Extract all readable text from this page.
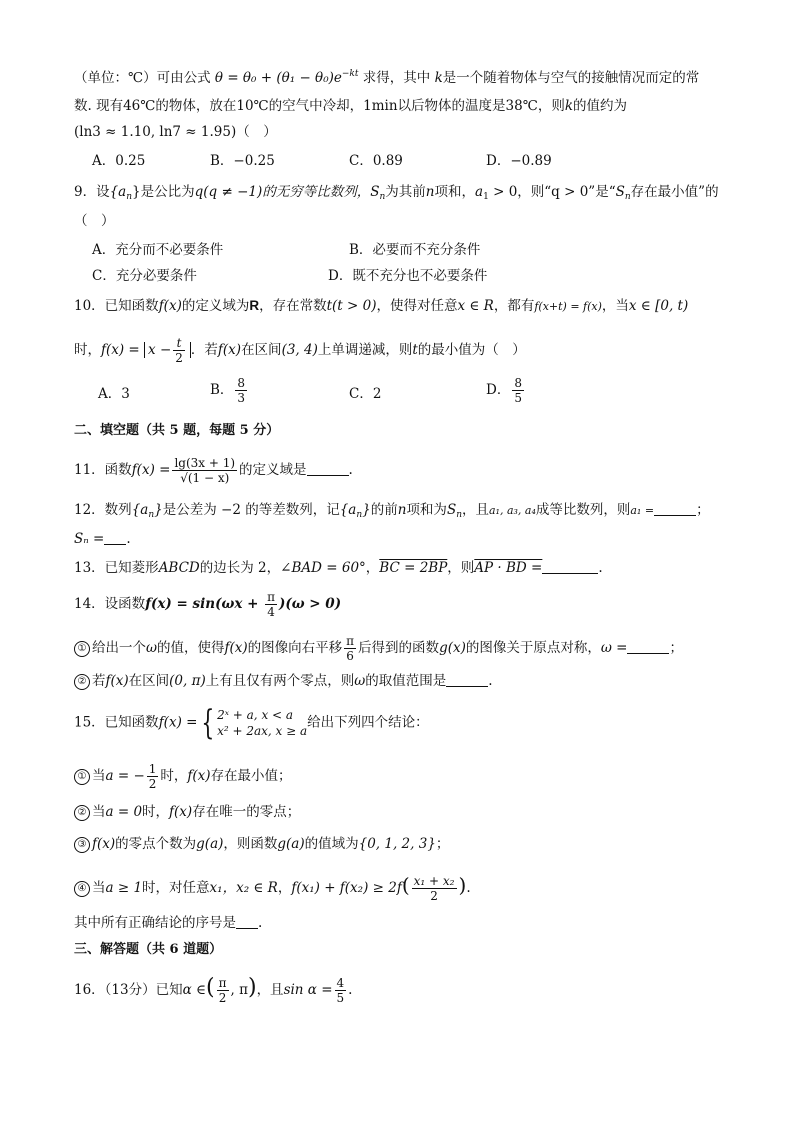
（单位：℃）可由公式 $\theta = \theta_0 + (\theta_1 - \theta_0)e^{-kt}$ 求得，其中 k是一个随着物体与空气的接触情况而定的常
数. 现有46℃的物体，放在10℃的空气中冷却，1min以后物体的温度是38℃，则k的值约为
(ln3 ≈ 1.10, ln7 ≈ 1.95)（　）
A．0.25	B．−0.25	C．0.89	D．−0.89
9．设$\{a_n\}$是公比为q(q ≠ −1)的无穷等比数列，$S_n$为其前n项和，$a_1 > 0$，则“q > 0”是“$S_n$存在最小值”的
（　）
A．充分而不必要条件	B．必要而不充分条件
C．充分必要条件	D．既不充分也不必要条件
10．已知函数f(x)的定义域为R，存在常数t(t > 0)，使得对任意x ∈ R，都有f(x+t) = f(x)，当x ∈ [0, t)
时，$f(x) = x - \frac{t}{2}$ ．若f(x)在区间(3, 4)上单调递减，则t的最小值为（　）
A．3	B． $\frac{8}{3}$	C．2	D． $\frac{8}{5}$
二、填空题（共 5 题，每题 5 分）
11．函数$f(x) = \frac{\lg(3x + 1)}{√(1 - x)}$ 的定义域是	.
12．数列$\{a_n\}$是公差为 −2 的等差数列，记$\{a_n\}$的前n项和为$S_n$，且a₁, a₃, a₄成等比数列，则a₁ =	；
Sₙ = .
13．已知菱形ABCD的边长为 2，∠BAD = 60°，BC = 2BP，则AP · BD =	.
14．设函数$f(x) = \sin(\omega x + \frac{\pi}{4} )(\omega > 0)$
① 给出一个ω的值，使得f(x)的图像向右平移 $\frac{\pi}{6}$ 后得到的函数g(x)的图像关于原点对称，ω =	；
② 若f(x)在区间(0, π)上有且仅有两个零点，则ω的取值范围是	.
15．已知函数f(x) = { 2ˣ + a, x < a
x² + 2ax, x ≥ a
给出下列四个结论：
① 当a = − $\frac{1}{2}$ 时，f(x)存在最小值；
② 当a = 0时，f(x)存在唯一的零点；
③ f(x)的零点个数为g(a)，则函数g(a)的值域为{0, 1, 2, 3}；
④ 当a ≥ 1时，对任意x₁，x₂ ∈ R，$f(x_1) + f(x_2) \ge 2f( \frac{\text{x₁ + x₂}}{2}$ ).
其中所有正确结论的序号是 .
三、解答题（共 6 道题）
16．（13分）已知α ∈( $\frac{\pi}{2}$ , π)，且$\sin \alpha = \frac{4}{5}$ .
